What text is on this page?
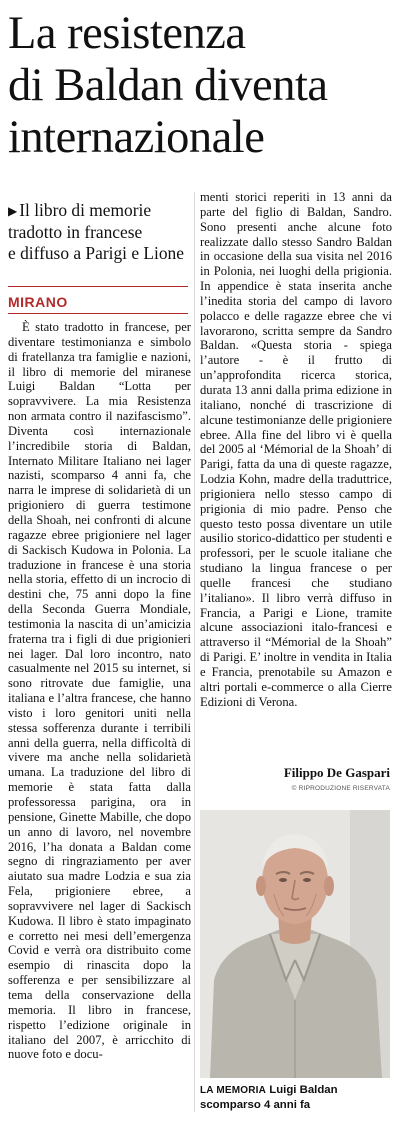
La resistenza
di Baldan diventa
internazionale
▶ Il libro di memorie
tradotto in francese
e diffuso a Parigi e Lione
MIRANO

È stato tradotto in francese, per diventare testimonianza e simbolo di fratellanza tra famiglie e nazioni, il libro di memorie del miranese Luigi Baldan “Lotta per sopravvivere. La mia Resistenza non armata contro il nazifascismo”. Diventa così internazionale l’incredibile storia di Baldan, Internato Militare Italiano nei lager nazisti, scomparso 4 anni fa, che narra le imprese di solidarietà di un prigioniero di guerra testimone della Shoah, nei confronti di alcune ragazze ebree prigioniere nel lager di Sackisch Kudowa in Polonia. La traduzione in francese è una storia nella storia, effetto di un incrocio di destini che, 75 anni dopo la fine della Seconda Guerra Mondiale, testimonia la nascita di un’amicizia fraterna tra i figli di due prigionieri nei lager. Dal loro incontro, nato casualmente nel 2015 su internet, si sono ritrovate due famiglie, una italiana e l’altra francese, che hanno visto i loro genitori uniti nella stessa sofferenza durante i terribili anni della guerra, nella difficoltà di vivere ma anche nella solidarietà umana. La traduzione del libro di memorie è stata fatta dalla professoressa parigina, ora in pensione, Ginette Mabille, che dopo un anno di lavoro, nel novembre 2016, l’ha donata a Baldan come segno di ringraziamento per aver aiutato sua madre Lodzia e sua zia Fela, prigioniere ebree, a sopravvivere nel lager di Sackisch Kudowa. Il libro è stato impaginato e corretto nei mesi dell’emergenza Covid e verrà ora distribuito come esempio di rinascita dopo la sofferenza e per sensibilizzare al tema della conservazione della memoria. Il libro in francese, rispetto l’edizione originale in italiano del 2007, è arricchito di nuove foto e docu-

menti storici reperiti in 13 anni da parte del figlio di Baldan, Sandro. Sono presenti anche alcune foto realizzate dallo stesso Sandro Baldan in occasione della sua visita nel 2016 in Polonia, nei luoghi della prigionia. In appendice è stata inserita anche l’inedita storia del campo di lavoro polacco e delle ragazze ebree che vi lavorarono, scritta sempre da Sandro Baldan. «Questa storia - spiega l’autore - è il frutto di un’approfondita ricerca storica, durata 13 anni dalla prima edizione in italiano, nonché di trascrizione di alcune testimonianze delle prigioniere ebree. Alla fine del libro vi è quella del 2005 al ‘Mémorial de la Shoah’ di Parigi, fatta da una di queste ragazze, Lodzia Kohn, madre della traduttrice, prigioniera nello stesso campo di prigionia di mio padre. Penso che questo testo possa diventare un utile ausilio storico-didattico per studenti e professori, per le scuole italiane che studiano la lingua francese o per quelle francesi che studiano l’italiano». Il libro verrà diffuso in Francia, a Parigi e Lione, tramite alcune associazioni italo-francesi e attraverso il “Mémorial de la Shoah” di Parigi. E’ inoltre in vendita in Italia e Francia, prenotabile su Amazon e altri portali e-commerce o alla Cierre Edizioni di Verona.

Filippo De Gaspari
© RIPRODUZIONE RISERVATA
LA MEMORIA Luigi Baldan scomparso 4 anni fa
